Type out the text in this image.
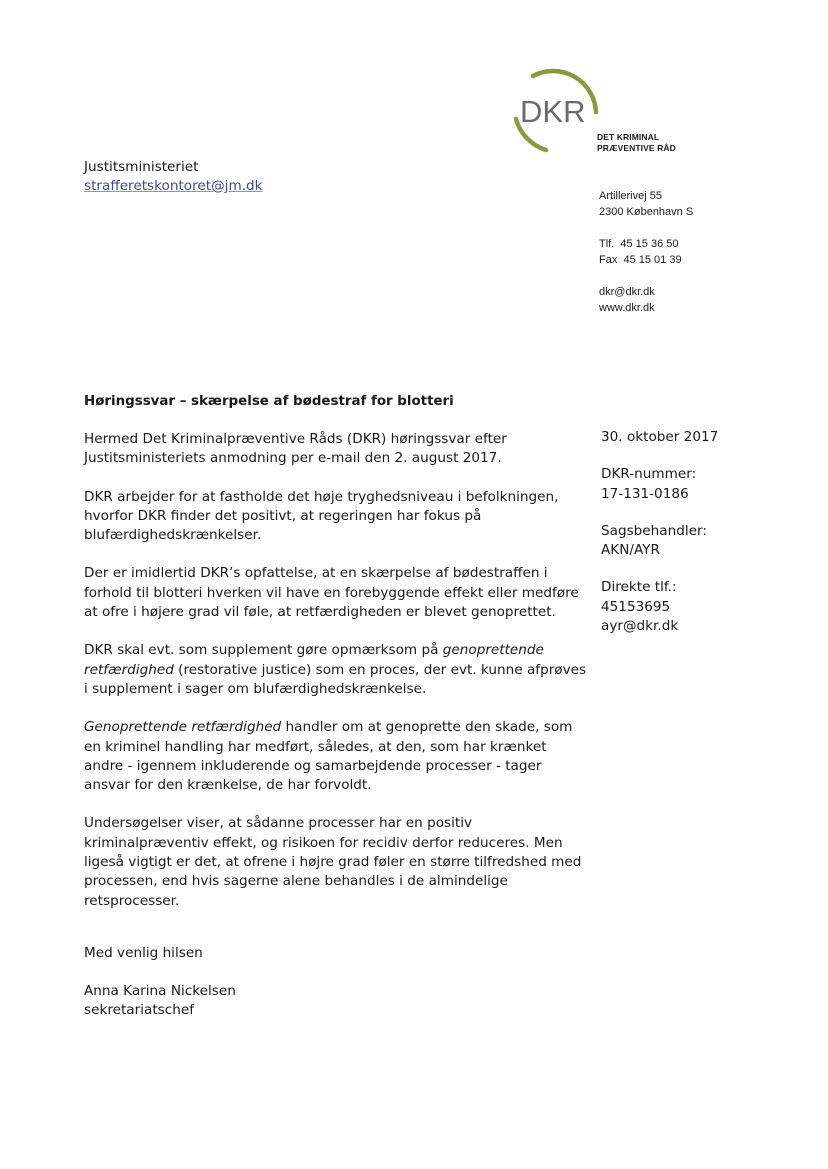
DKR
DET KRIMINAL
PRÆVENTIVE RÅD
Justitsministeriet
strafferetskontoret@jm.dk
Artillerivej 55
2300 København S
Tlf.  45 15 36 50
Fax  45 15 01 39
dkr@dkr.dk
www.dkr.dk
Høringssvar – skærpelse af bødestraf for blotteri

Hermed Det Kriminalpræventive Råds (DKR) høringssvar efter Justitsministeriets anmodning per e-mail den 2. august 2017.

DKR arbejder for at fastholde det høje tryghedsniveau i befolkningen, hvorfor DKR finder det positivt, at regeringen har fokus på blufærdighedskrænkelser.

Der er imidlertid DKR’s opfattelse, at en skærpelse af bødestraffen i forhold til blotteri hverken vil have en forebyggende effekt eller medføre at ofre i højere grad vil føle, at retfærdigheden er blevet genoprettet.

DKR skal evt. som supplement gøre opmærksom på genoprettende retfærdighed (restorative justice) som en proces, der evt. kunne afprøves i supplement i sager om blufærdighedskrænkelse.

Genoprettende retfærdighed handler om at genoprette den skade, som en kriminel handling har medført, således, at den, som har krænket andre - igennem inkluderende og samarbejdende processer - tager ansvar for den krænkelse, de har forvoldt.

Undersøgelser viser, at sådanne processer har en positiv kriminalpræventiv effekt, og risikoen for recidiv derfor reduceres. Men ligeså vigtigt er det, at ofrene i højre grad føler en større tilfredshed med processen, end hvis sagerne alene behandles i de almindelige retsprocesser.

30. oktober 2017
DKR-nummer:
17-131-0186
Sagsbehandler:
AKN/AYR
Direkte tlf.:
45153695
ayr@dkr.dk
Med venlig hilsen
Anna Karina Nickelsen
sekretariatschef
